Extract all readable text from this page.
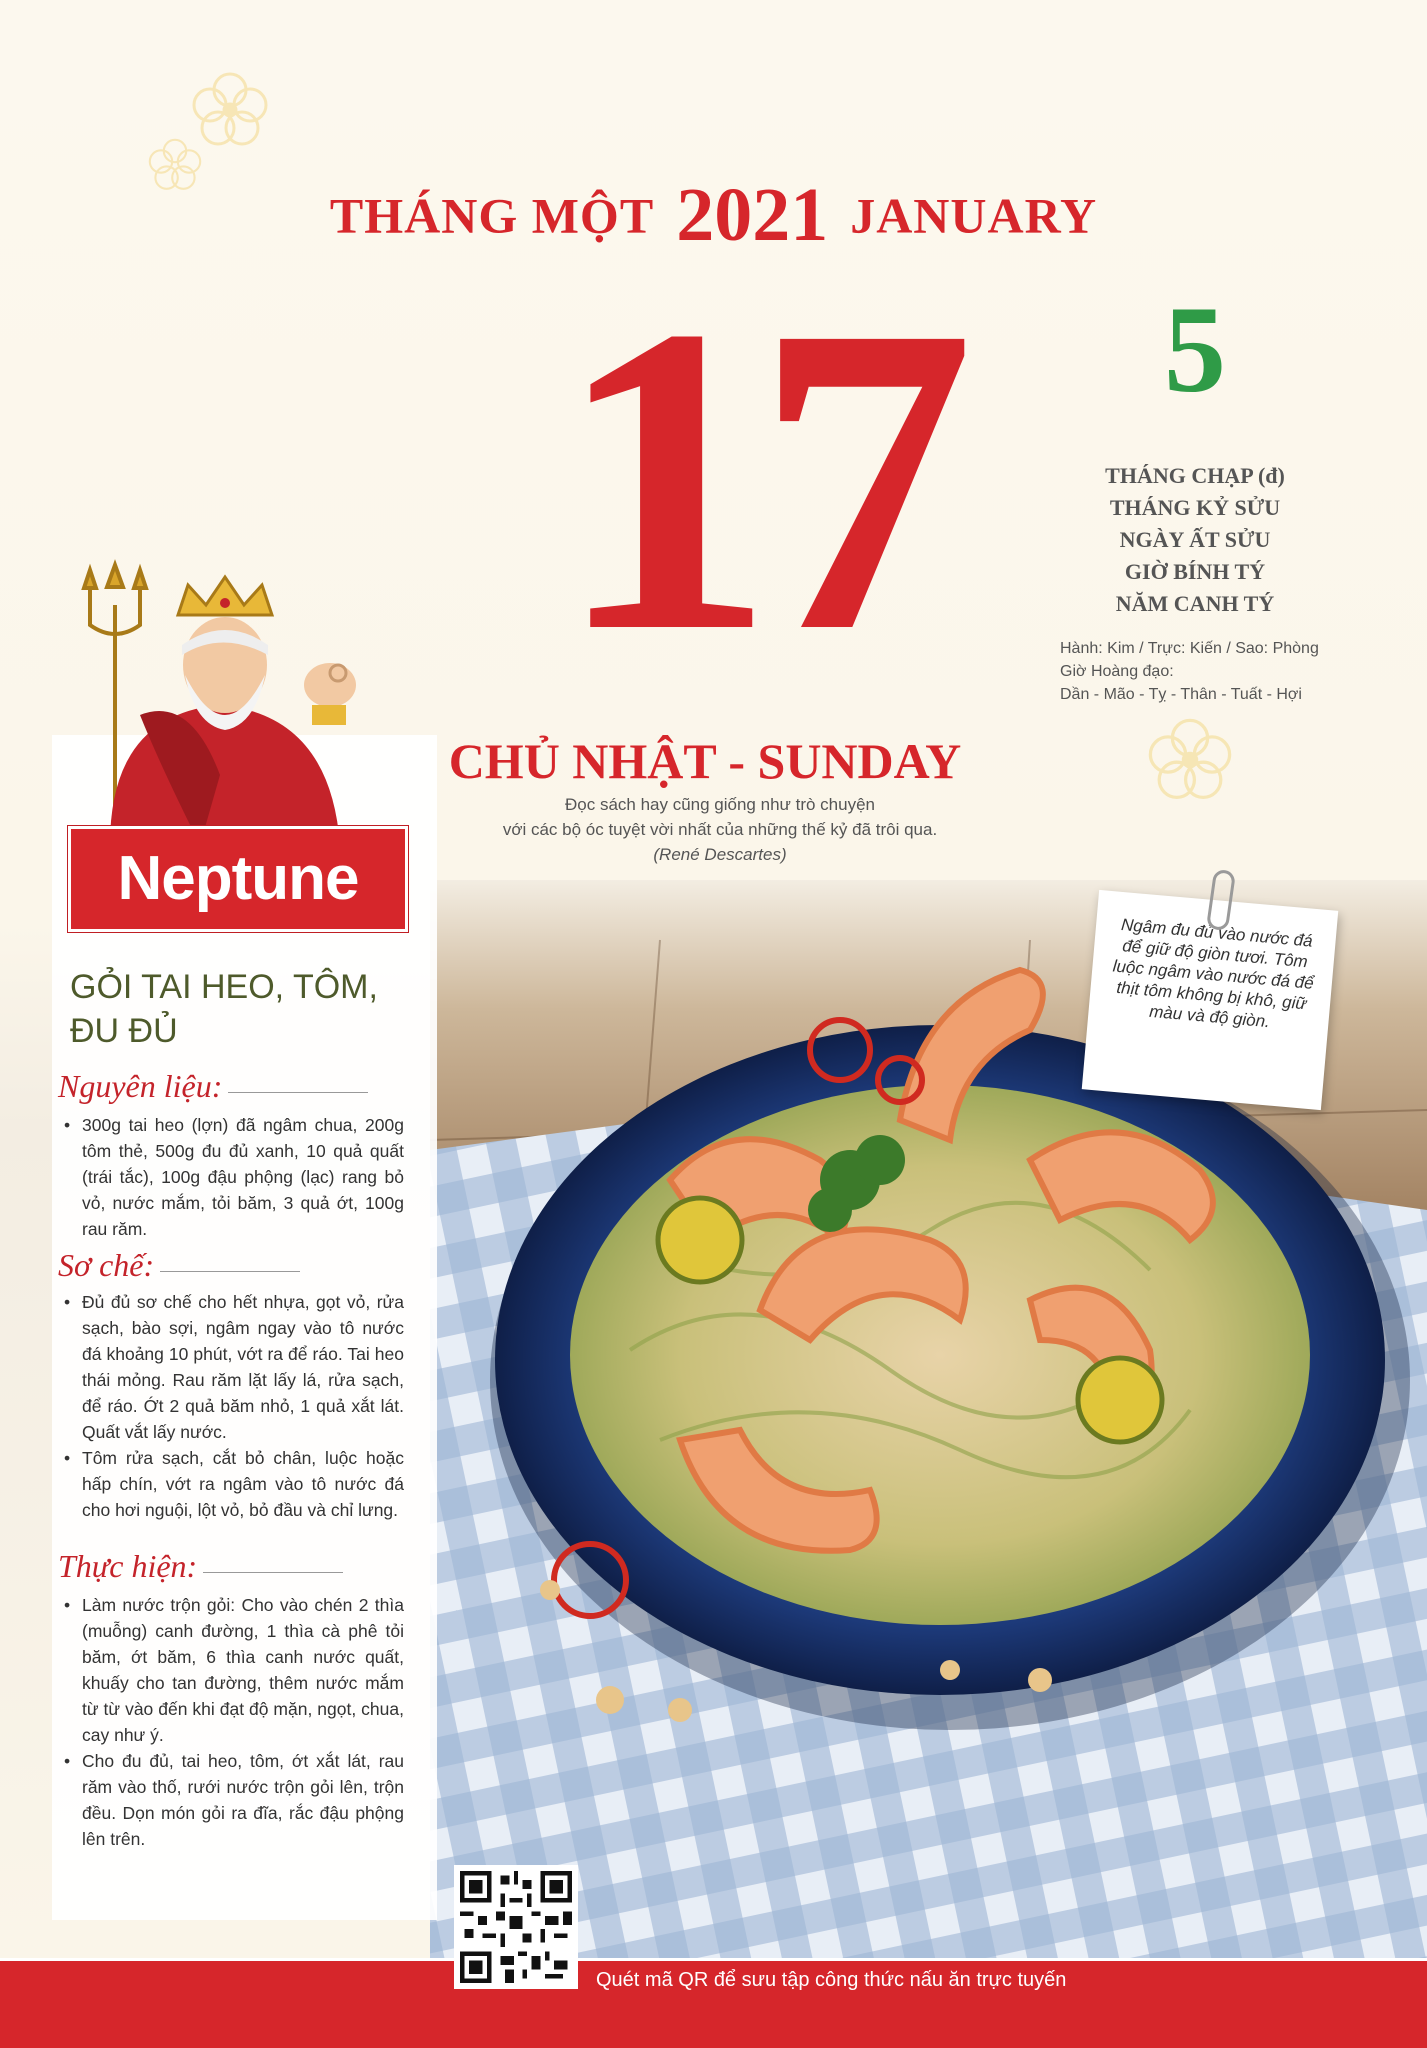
THÁNG MỘT 2021 JANUARY
17 5
THÁNG CHẠP (đ)
THÁNG KỶ SỬU
NGÀY ẤT SỬU
GIỜ BÍNH TÝ
NĂM CANH TÝ
Hành: Kim / Trực: Kiến / Sao: Phòng
Giờ Hoàng đạo:
Dần - Mão - Tỵ - Thân - Tuất - Hợi
CHỦ NHẬT - SUNDAY
Đọc sách hay cũng giống như trò chuyện
với các bộ óc tuyệt vời nhất của những thế kỷ đã trôi qua.
(René Descartes)
Ngâm đu đủ vào nước đá để giữ độ giòn tươi. Tôm luộc ngâm vào nước đá để thịt tôm không bị khô, giữ màu và độ giòn.
Neptune
GỎI TAI HEO, TÔM,
ĐU ĐỦ
Nguyên liệu:

• 300g tai heo (lợn) đã ngâm chua, 200g tôm thẻ, 500g đu đủ xanh, 10 quả quất (trái tắc), 100g đậu phộng (lạc) rang bỏ vỏ, nước mắm, tỏi băm, 3 quả ớt, 100g rau răm.

Sơ chế:

• Đủ đủ sơ chế cho hết nhựa, gọt vỏ, rửa sạch, bào sợi, ngâm ngay vào tô nước đá khoảng 10 phút, vớt ra để ráo. Tai heo thái mỏng. Rau răm lặt lấy lá, rửa sạch, để ráo. Ớt 2 quả băm nhỏ, 1 quả xắt lát. Quất vắt lấy nước.

• Tôm rửa sạch, cắt bỏ chân, luộc hoặc hấp chín, vớt ra ngâm vào tô nước đá cho hơi nguội, lột vỏ, bỏ đầu và chỉ lưng.

Thực hiện:

• Làm nước trộn gỏi: Cho vào chén 2 thìa (muỗng) canh đường, 1 thìa cà phê tỏi băm, ớt băm, 6 thìa canh nước quất, khuấy cho tan đường, thêm nước mắm từ từ vào đến khi đạt độ mặn, ngọt, chua, cay như ý.

• Cho đu đủ, tai heo, tôm, ớt xắt lát, rau răm vào thố, rưới nước trộn gỏi lên, trộn đều. Dọn món gỏi ra đĩa, rắc đậu phộng lên trên.

Quét mã QR để sưu tập công thức nấu ăn trực tuyến
